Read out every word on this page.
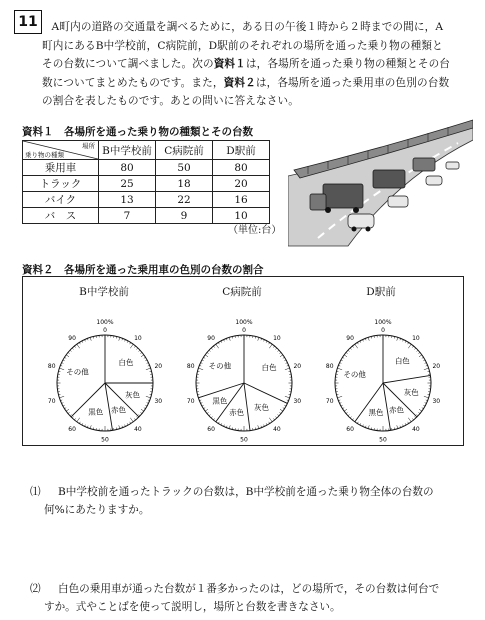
11	A町内の道路の交通量を調べるために，ある日の午後１時から２時までの間に，A

町内にあるB中学校前，C病院前，D駅前のそれぞれの場所を通った乗り物の種類と

その台数について調べました。次の資料１は，各場所を通った乗り物の種類とその台

数についてまとめたものです。また，資料２は，各場所を通った乗用車の色別の台数

の割合を表したものです。あとの問いに答えなさい。

資料１　各場所を通った乗り物の種類とその台数
場所
乗り物の種類	B中学校前	C病院前	D駅前
乗用車	80	50	80
トラック	25	18	20
バイク	13	22	16
バ　ス	7	9	10
（単位:台）
資料２　各場所を通った乗用車の色別の台数の割合
B中学校前	C病院前	D駅前
10
20
30
40
50
60
70
80
90
100%
0
白色
灰色
赤色
黒色
その他
10
20
30
40
50
60
70
80
90
100%
0
白色
灰色
赤色
黒色
その他
10
20
30
40
50
60
70
80
90
100%
0
白色
灰色
赤色
黒色
その他
⑴	B中学校前を通ったトラックの台数は，B中学校前を通った乗り物全体の台数の
何%にあたりますか。
⑵	白色の乗用車が通った台数が１番多かったのは，どの場所で，その台数は何台で
すか。式やことばを使って説明し，場所と台数を書きなさい。
